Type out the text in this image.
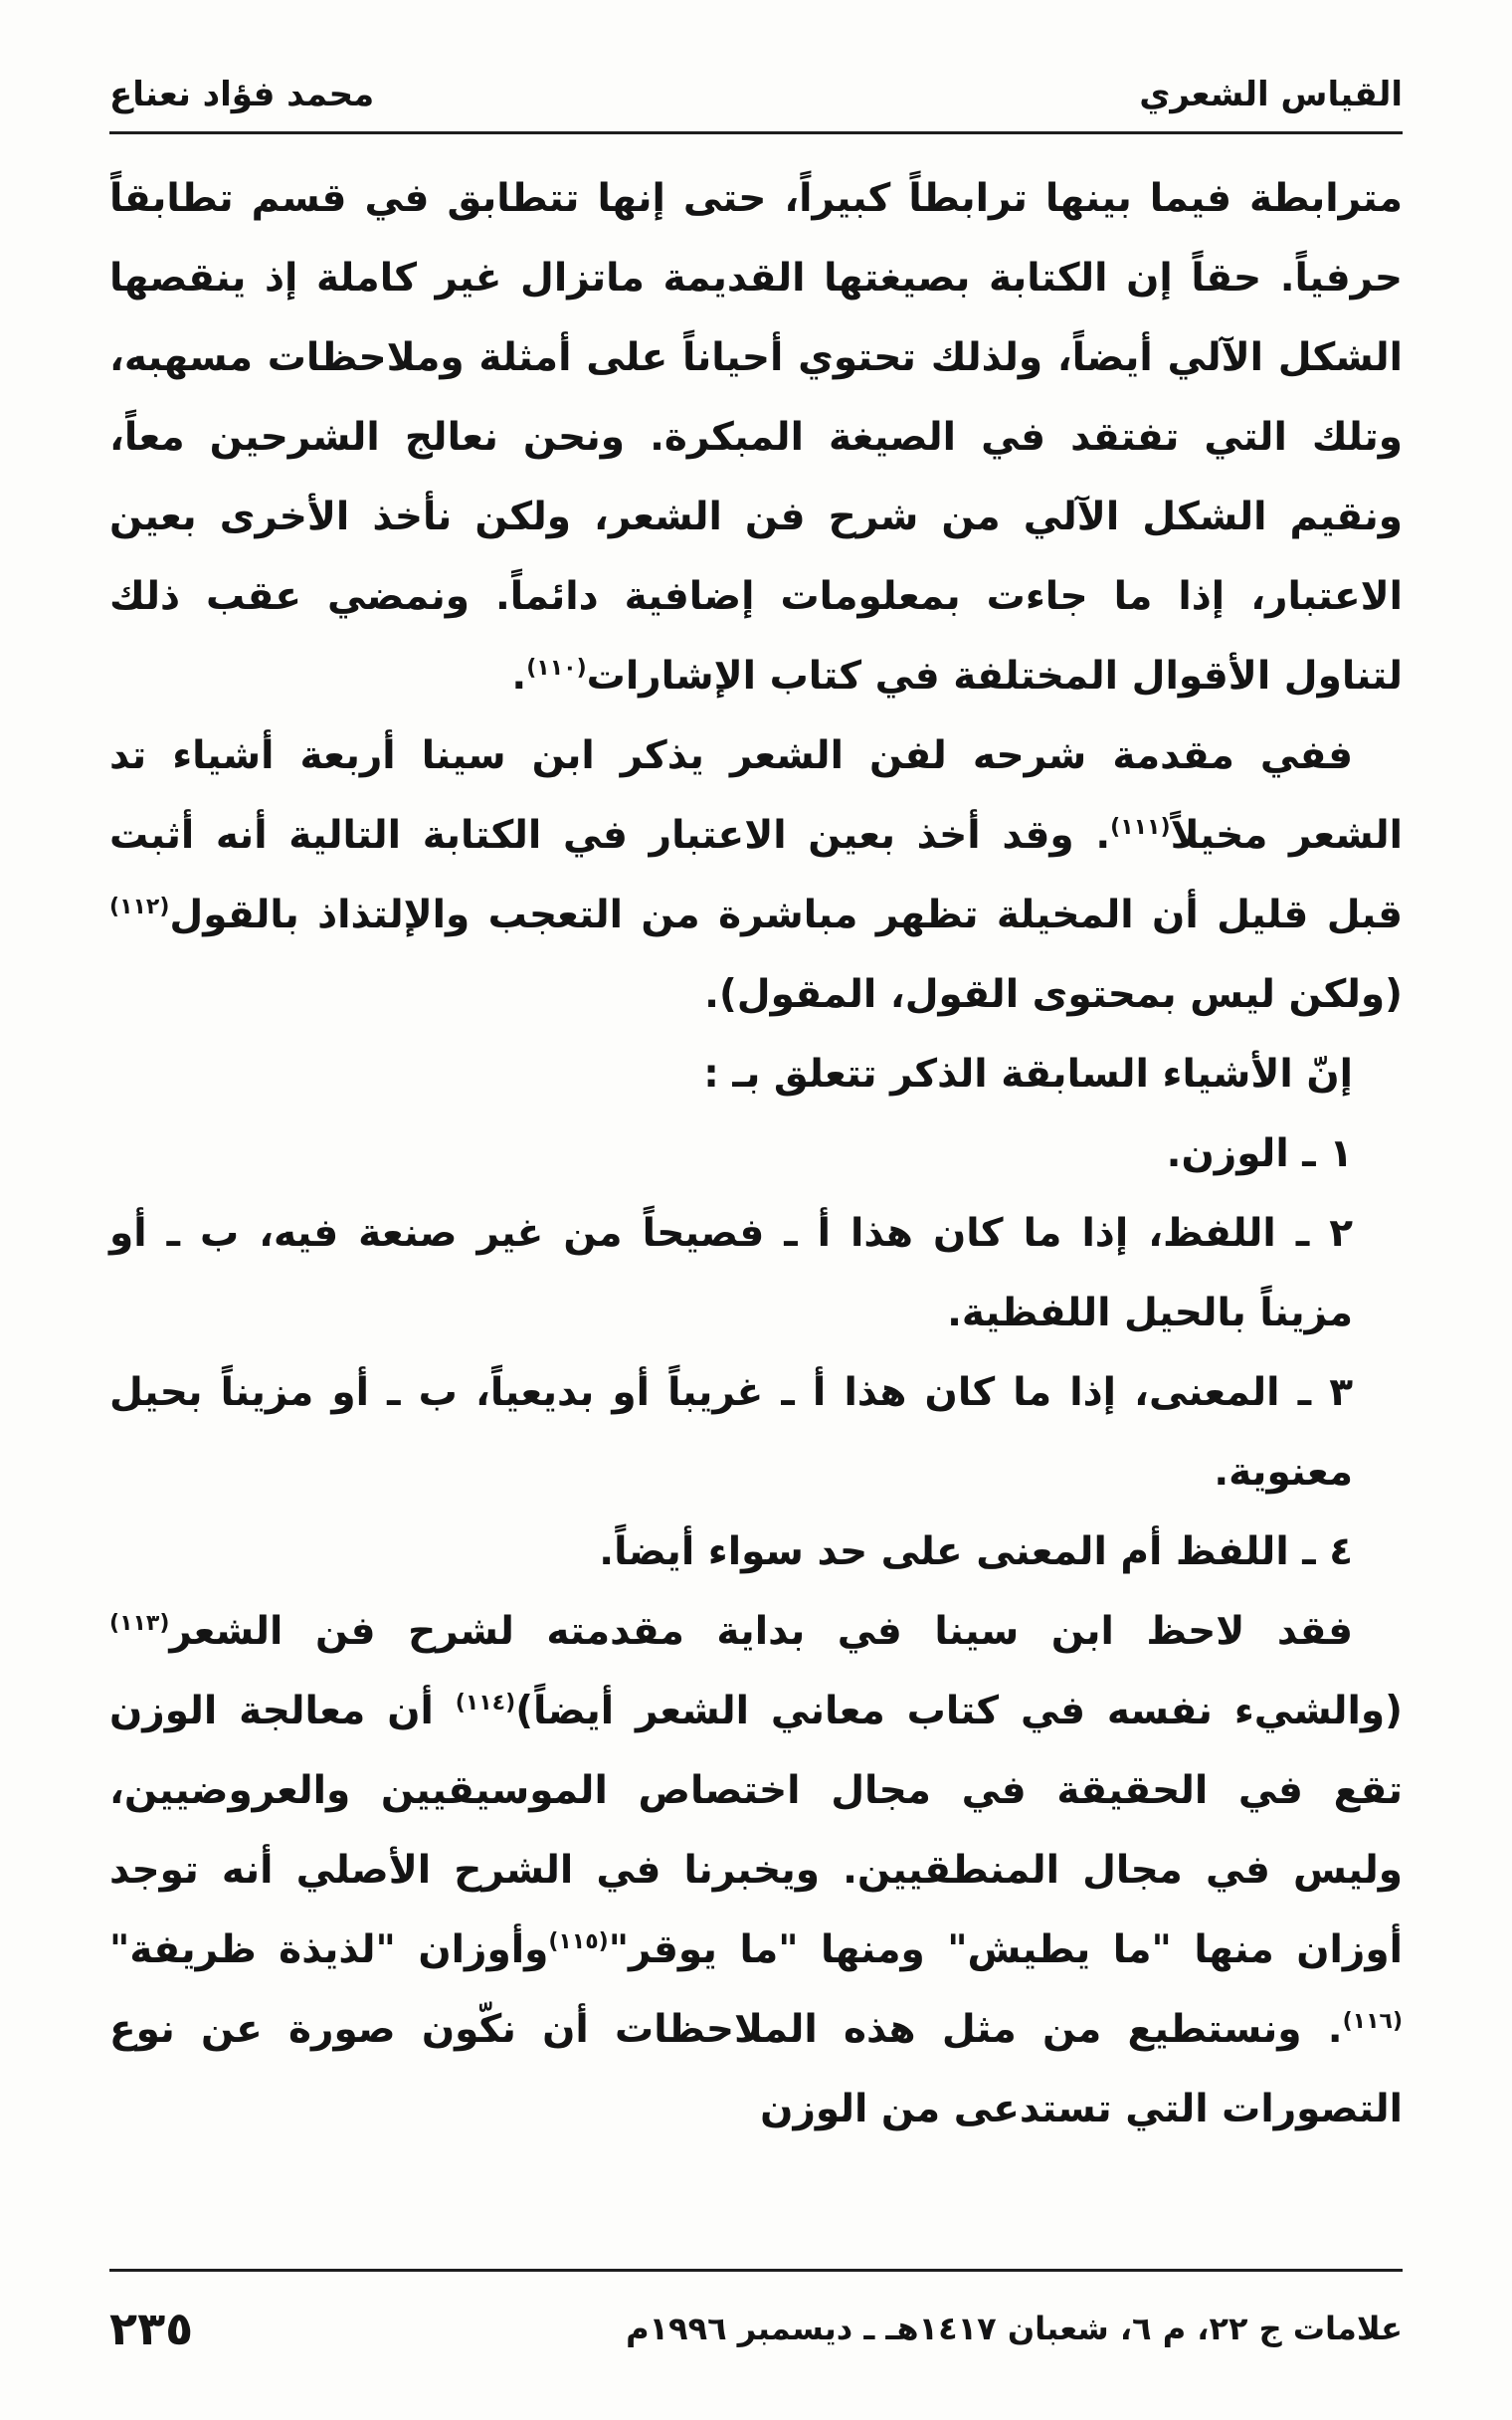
القياس الشعري
محمد فؤاد نعناع

مترابطة فيما بينها ترابطاً كبيراً، حتى إنها تتطابق في قسم تطابقاً حرفياً. حقاً إن الكتابة بصيغتها القديمة ماتزال غير كاملة إذ ينقصها الشكل الآلي أيضاً، ولذلك تحتوي أحياناً على أمثلة وملاحظات مسهبه، وتلك التي تفتقد في الصيغة المبكرة. ونحن نعالج الشرحين معاً، ونقيم الشكل الآلي من شرح فن الشعر، ولكن نأخذ الأخرى بعين الاعتبار، إذا ما جاءت بمعلومات إضافية دائماً. ونمضي عقب ذلك لتناول الأقوال المختلفة في كتاب الإشارات$^{(١١٠)}$.

ففي مقدمة شرحه لفن الشعر يذكر ابن سينا أربعة أشياء تد الشعر مخيلاً$^{(١١١)}$. وقد أخذ بعين الاعتبار في الكتابة التالية أنه أثبت قبل قليل أن المخيلة تظهر مباشرة من التعجب والإلتذاذ بالقول$^{(١١٢)}$(ولكن ليس بمحتوى القول، المقول).

إنّ الأشياء السابقة الذكر تتعلق بـ :

١ ـ الوزن.

٢ ـ اللفظ، إذا ما كان هذا أ ـ فصيحاً من غير صنعة فيه، ب ـ أو مزيناً بالحيل اللفظية.

٣ ـ المعنى، إذا ما كان هذا أ ـ غريباً أو بديعياً، ب ـ أو مزيناً بحيل معنوية.

٤ ـ اللفظ أم المعنى على حد سواء أيضاً.

فقد لاحظ ابن سينا في بداية مقدمته لشرح فن الشعر$^{(١١٣)}$ (والشيء نفسه في كتاب معاني الشعر أيضاً)$^{(١١٤)}$ أن معالجة الوزن تقع في الحقيقة في مجال اختصاص الموسيقيين والعروضيين، وليس في مجال المنطقيين. ويخبرنا في الشرح الأصلي أنه توجد أوزان منها "ما يطيش" ومنها "ما يوقر"$^{(١١٥)}$وأوزان "لذيذة ظريفة"$^{(١١٦)}$. ونستطيع من مثل هذه الملاحظات أن نكّون صورة عن نوع التصورات التي تستدعى من الوزن

علامات ج ٢٢، م ٦، شعبان ١٤١٧هـ ـ ديسمبر ١٩٩٦م
٢٣٥
